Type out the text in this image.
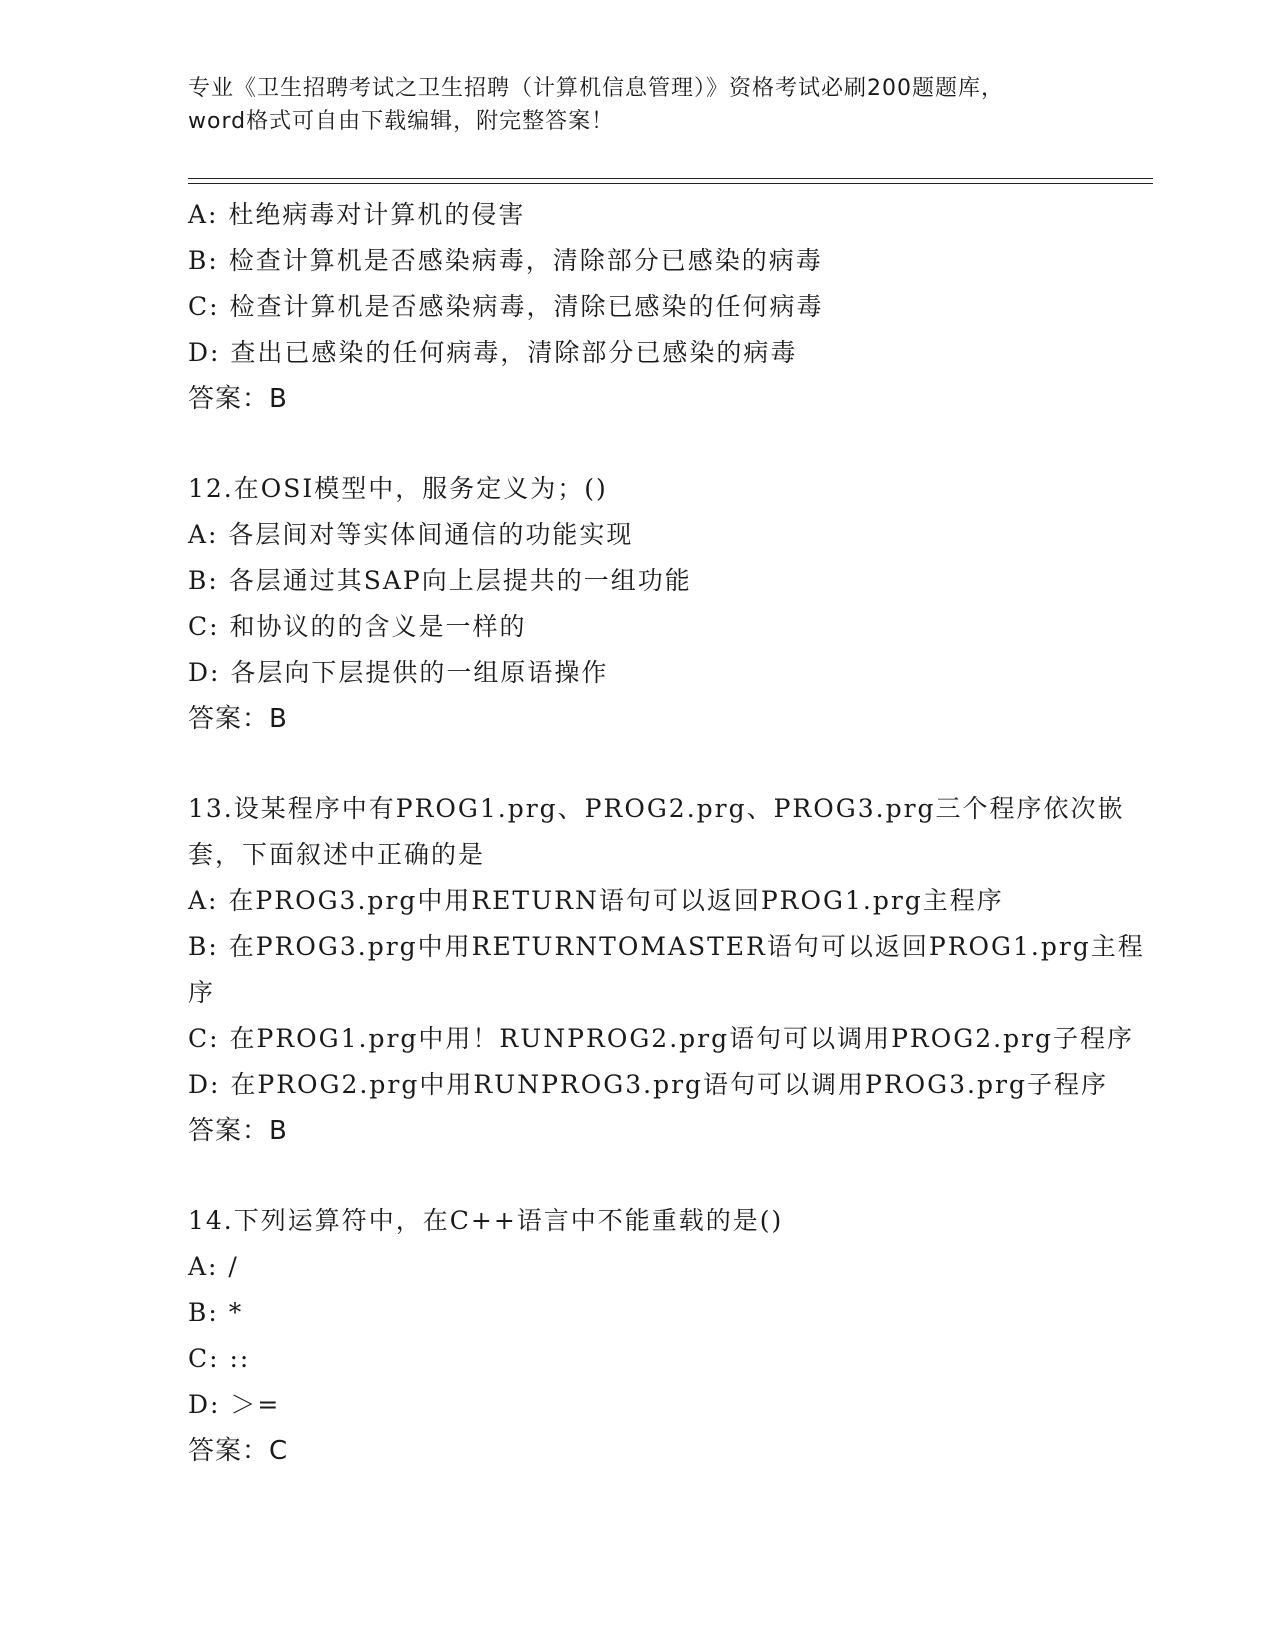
专业《卫生招聘考试之卫生招聘（计算机信息管理）》资格考试必刷200题题库，
word格式可自由下载编辑，附完整答案！
A: 杜绝病毒对计算机的侵害
B: 检查计算机是否感染病毒，清除部分已感染的病毒
C: 检查计算机是否感染病毒，清除已感染的任何病毒
D: 查出已感染的任何病毒，清除部分已感染的病毒
答案：B
12.在OSI模型中，服务定义为；()
A: 各层间对等实体间通信的功能实现
B: 各层通过其SAP向上层提共的一组功能
C: 和协议的的含义是一样的
D: 各层向下层提供的一组原语操作
答案：B
13.设某程序中有PROG1.prg、PROG2.prg、PROG3.prg三个程序依次嵌
套，下面叙述中正确的是
A: 在PROG3.prg中用RETURN语句可以返回PROG1.prg主程序
B: 在PROG3.prg中用RETURNTOMASTER语句可以返回PROG1.prg主程
序
C: 在PROG1.prg中用！RUNPROG2.prg语句可以调用PROG2.prg子程序
D: 在PROG2.prg中用RUNPROG3.prg语句可以调用PROG3.prg子程序
答案：B
14.下列运算符中，在C++语言中不能重载的是()
A: /
B: *
C: ::
D: ＞=
答案：C
